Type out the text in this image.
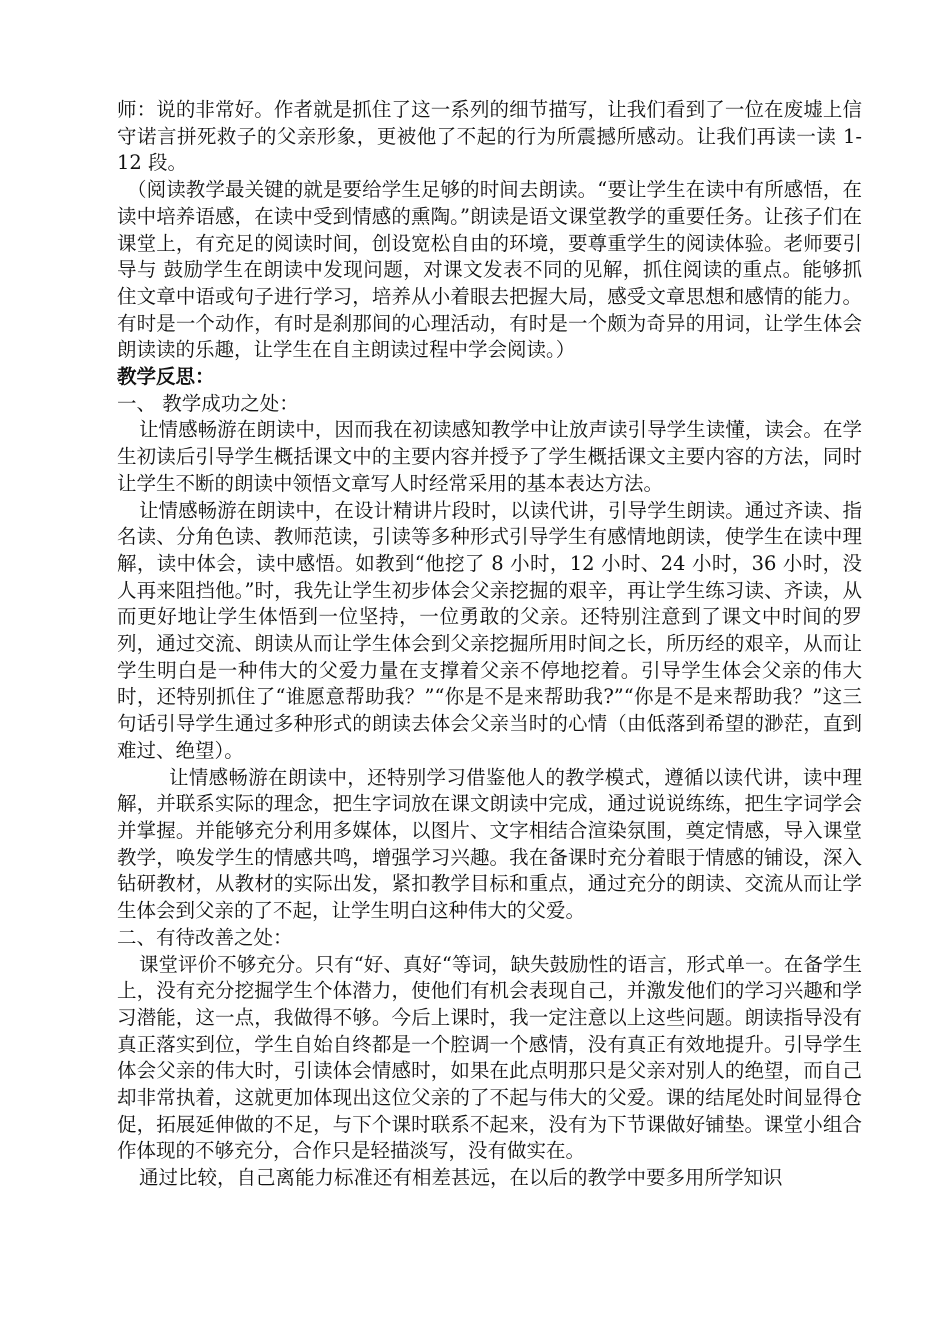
师：说的非常好。作者就是抓住了这一系列的细节描写，让我们看到了一位在废墟上信守诺言拼死救子的父亲形象，更被他了不起的行为所震撼所感动。让我们再读一读 1-12 段。

（阅读教学最关键的就是要给学生足够的时间去朗读。“要让学生在读中有所感悟，在读中培养语感，在读中受到情感的熏陶。”朗读是语文课堂教学的重要任务。让孩子们在课堂上，有充足的阅读时间，创设宽松自由的环境，要尊重学生的阅读体验。老师要引导与 鼓励学生在朗读中发现问题，对课文发表不同的见解，抓住阅读的重点。能够抓住文章中语或句子进行学习，培养从小着眼去把握大局，感受文章思想和感情的能力。有时是一个动作，有时是刹那间的心理活动，有时是一个颇为奇异的用词，让学生体会朗读读的乐趣，让学生在自主朗读过程中学会阅读。）

教学反思：

一、 教学成功之处：

让情感畅游在朗读中，因而我在初读感知教学中让放声读引导学生读懂，读会。在学生初读后引导学生概括课文中的主要内容并授予了学生概括课文主要内容的方法，同时让学生不断的朗读中领悟文章写人时经常采用的基本表达方法。

让情感畅游在朗读中，在设计精讲片段时，以读代讲，引导学生朗读。通过齐读、指名读、分角色读、教师范读，引读等多种形式引导学生有感情地朗读，使学生在读中理解，读中体会，读中感悟。如教到“他挖了 8 小时，12 小时、24 小时，36 小时，没人再来阻挡他。”时，我先让学生初步体会父亲挖掘的艰辛，再让学生练习读、齐读，从而更好地让学生体悟到一位坚持，一位勇敢的父亲。还特别注意到了课文中时间的罗列，通过交流、朗读从而让学生体会到父亲挖掘所用时间之长，所历经的艰辛，从而让学生明白是一种伟大的父爱力量在支撑着父亲不停地挖着。引导学生体会父亲的伟大时，还特别抓住了“谁愿意帮助我？”“你是不是来帮助我?”“你是不是来帮助我？”这三句话引导学生通过多种形式的朗读去体会父亲当时的心情（由低落到希望的渺茫，直到难过、绝望）。

让情感畅游在朗读中，还特别学习借鉴他人的教学模式，遵循以读代讲，读中理解，并联系实际的理念，把生字词放在课文朗读中完成，通过说说练练，把生字词学会并掌握。并能够充分利用多媒体，以图片、文字相结合渲染氛围，奠定情感，导入课堂教学，唤发学生的情感共鸣，增强学习兴趣。我在备课时充分着眼于情感的铺设，深入钻研教材，从教材的实际出发，紧扣教学目标和重点，通过充分的朗读、交流从而让学生体会到父亲的了不起，让学生明白这种伟大的父爱。

二、有待改善之处：

课堂评价不够充分。只有“好、真好“等词，缺失鼓励性的语言，形式单一。在备学生上，没有充分挖掘学生个体潜力，使他们有机会表现自己，并激发他们的学习兴趣和学习潜能，这一点，我做得不够。今后上课时，我一定注意以上这些问题。朗读指导没有真正落实到位，学生自始自终都是一个腔调一个感情，没有真正有效地提升。引导学生体会父亲的伟大时，引读体会情感时，如果在此点明那只是父亲对别人的绝望，而自己却非常执着，这就更加体现出这位父亲的了不起与伟大的父爱。课的结尾处时间显得仓促，拓展延伸做的不足，与下个课时联系不起来，没有为下节课做好铺垫。课堂小组合作体现的不够充分，合作只是轻描淡写，没有做实在。

通过比较，自己离能力标准还有相差甚远，在以后的教学中要多用所学知识
